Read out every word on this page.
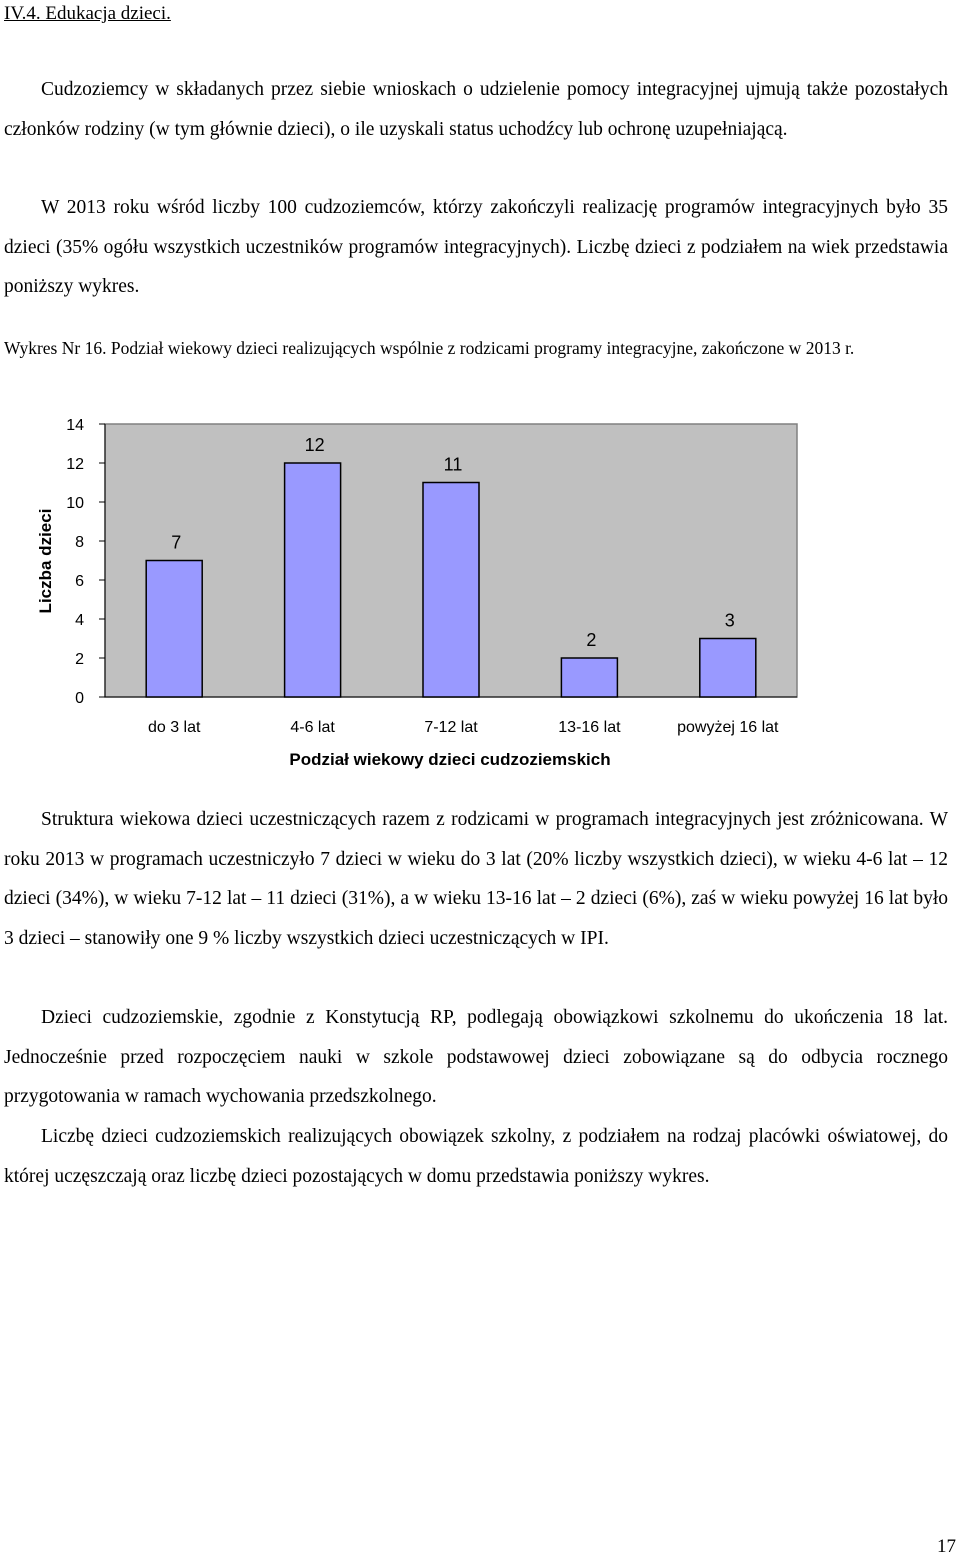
IV.4. Edukacja dzieci.

Cudzoziemcy w składanych przez siebie wnioskach o udzielenie pomocy integracyjnej ujmują także pozostałych członków rodziny (w tym głównie dzieci), o ile uzyskali status uchodźcy lub ochronę uzupełniającą.

W 2013 roku wśród liczby 100 cudzoziemców, którzy zakończyli realizację programów integracyjnych było 35 dzieci (35% ogółu wszystkich uczestników programów integracyjnych). Liczbę dzieci z podziałem na wiek przedstawia poniższy wykres.

Wykres Nr 16. Podział wiekowy dzieci realizujących wspólnie z rodzicami programy integracyjne, zakończone w 2013 r.

0
2
4
6
8
10
12
14
7
do 3 lat
12
4-6 lat
11
7-12 lat
2
13-16 lat
3
powyżej 16 lat
Podział wiekowy dzieci cudzoziemskich
Liczba dzieci

Struktura wiekowa dzieci uczestniczących razem z rodzicami w programach integracyjnych jest zróżnicowana. W roku 2013 w programach uczestniczyło 7 dzieci w wieku do 3 lat (20% liczby wszystkich dzieci), w wieku 4-6 lat – 12 dzieci (34%), w wieku 7-12 lat – 11 dzieci (31%), a w wieku 13-16 lat – 2 dzieci (6%), zaś w wieku powyżej 16 lat było 3 dzieci – stanowiły one 9 % liczby wszystkich dzieci uczestniczących w IPI.

Dzieci cudzoziemskie, zgodnie z Konstytucją RP, podlegają obowiązkowi szkolnemu do ukończenia 18 lat. Jednocześnie przed rozpoczęciem nauki w szkole podstawowej dzieci zobowiązane są do odbycia rocznego przygotowania w ramach wychowania przedszkolnego.

Liczbę dzieci cudzoziemskich realizujących obowiązek szkolny, z podziałem na rodzaj placówki oświatowej, do której uczęszczają oraz liczbę dzieci pozostających w domu przedstawia poniższy wykres.

17
